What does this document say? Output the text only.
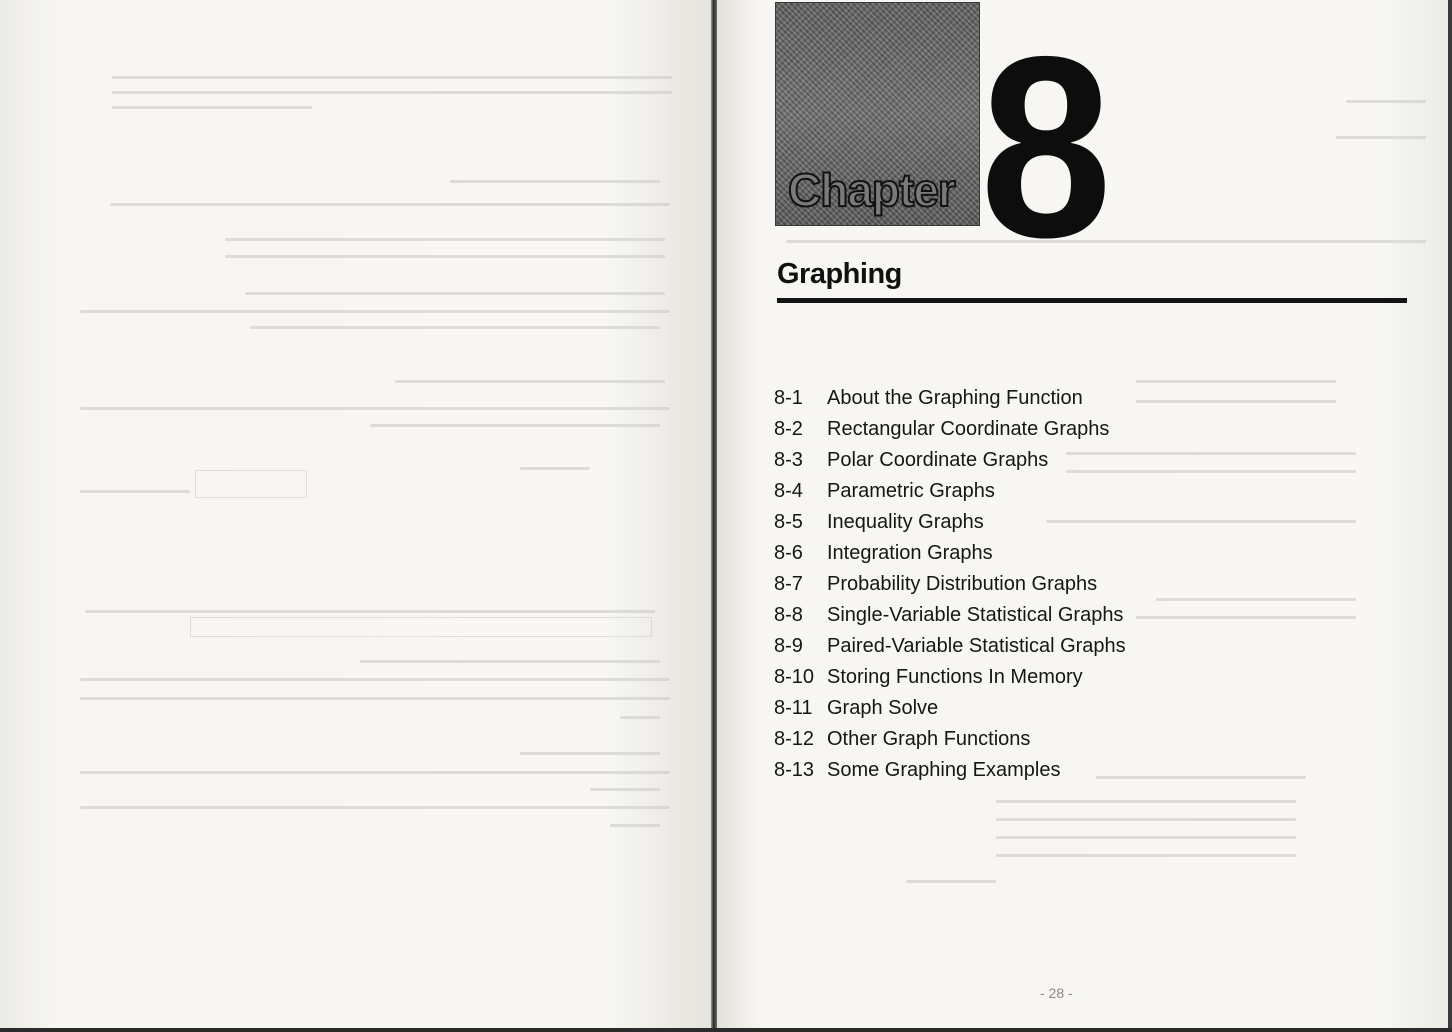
Chapter 8
Graphing
8-1 About the Graphing Function
8-2 Rectangular Coordinate Graphs
8-3 Polar Coordinate Graphs
8-4 Parametric Graphs
8-5 Inequality Graphs
8-6 Integration Graphs
8-7 Probability Distribution Graphs
8-8 Single-Variable Statistical Graphs
8-9 Paired-Variable Statistical Graphs
8-10 Storing Functions In Memory
8-11 Graph Solve
8-12 Other Graph Functions
8-13 Some Graphing Examples
- 28 -
